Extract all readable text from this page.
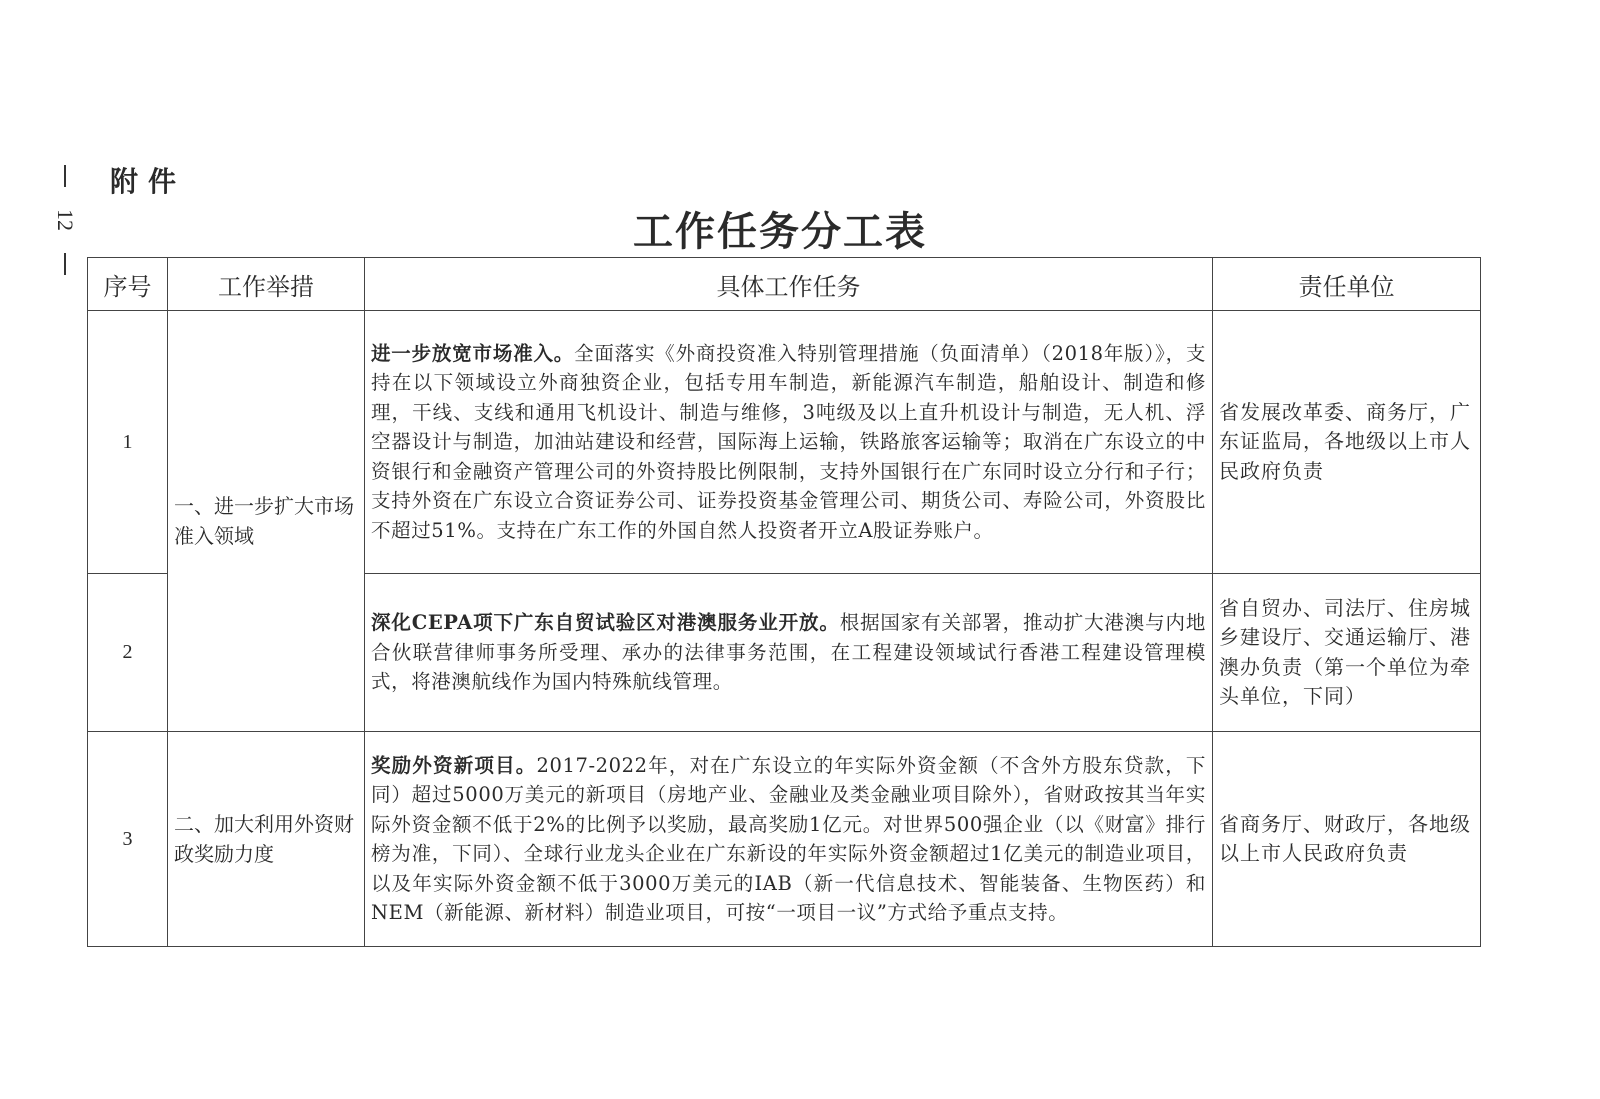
12
附件
工作任务分工表
序号	工作举措	具体工作任务	责任单位
1	一、进一步扩大市场准入领域	进一步放宽市场准入。全面落实《外商投资准入特别管理措施（负面清单）（2018年版）》，支持在以下领域设立外商独资企业，包括专用车制造，新能源汽车制造，船舶设计、制造和修理，干线、支线和通用飞机设计、制造与维修，3吨级及以上直升机设计与制造，无人机、浮空器设计与制造，加油站建设和经营，国际海上运输，铁路旅客运输等；取消在广东设立的中资银行和金融资产管理公司的外资持股比例限制，支持外国银行在广东同时设立分行和子行；支持外资在广东设立合资证券公司、证券投资基金管理公司、期货公司、寿险公司，外资股比不超过51%。支持在广东工作的外国自然人投资者开立A股证券账户。	省发展改革委、商务厅，广东证监局，各地级以上市人民政府负责
2		深化CEPA项下广东自贸试验区对港澳服务业开放。根据国家有关部署，推动扩大港澳与内地合伙联营律师事务所受理、承办的法律事务范围，在工程建设领域试行香港工程建设管理模式，将港澳航线作为国内特殊航线管理。	省自贸办、司法厅、住房城乡建设厅、交通运输厅、港澳办负责（第一个单位为牵头单位，下同）
3	二、加大利用外资财政奖励力度	奖励外资新项目。2017-2022年，对在广东设立的年实际外资金额（不含外方股东贷款，下同）超过5000万美元的新项目（房地产业、金融业及类金融业项目除外），省财政按其当年实际外资金额不低于2%的比例予以奖励，最高奖励1亿元。对世界500强企业（以《财富》排行榜为准，下同）、全球行业龙头企业在广东新设的年实际外资金额超过1亿美元的制造业项目，以及年实际外资金额不低于3000万美元的IAB（新一代信息技术、智能装备、生物医药）和NEM（新能源、新材料）制造业项目，可按“一项目一议”方式给予重点支持。	省商务厅、财政厅，各地级以上市人民政府负责
